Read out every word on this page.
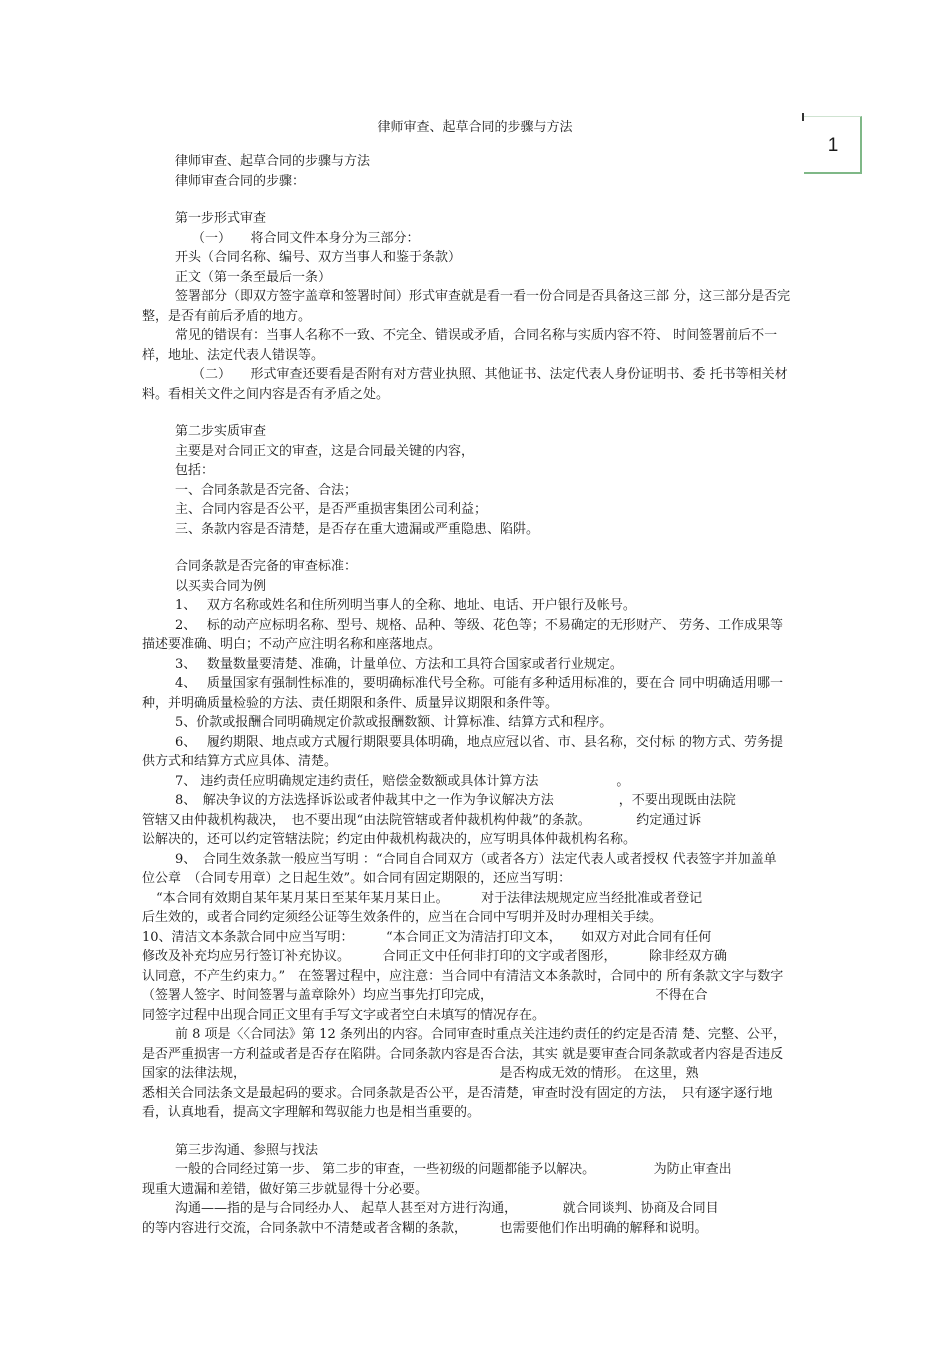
律师审查、起草合同的步骤与方法
1
律师审查、起草合同的步骤与方法
律师审查合同的步骤：
第一步形式审查
（一）　　将合同文件本身分为三部分：
开头（合同名称、编号、双方当事人和鉴于条款）
正文（第一条至最后一条）
签署部分（即双方签字盖章和签署时间）形式审查就是看一看一份合同是否具备这三部 分，这三部分是否完
整，是否有前后矛盾的地方。
常见的错误有：当事人名称不一致、不完全、错误或矛盾，合同名称与实质内容不符、 时间签署前后不一
样，地址、法定代表人错误等。
（二）　　形式审查还要看是否附有对方营业执照、其他证书、法定代表人身份证明书、委 托书等相关材
料。看相关文件之间内容是否有矛盾之处。
第二步实质审查
主要是对合同正文的审查，这是合同最关键的内容，
包括：
一、合同条款是否完备、合法；
主、合同内容是否公平，是否严重损害集团公司利益；
三、条款内容是否清楚，是否存在重大遗漏或严重隐患、陷阱。
合同条款是否完备的审查标准：
以买卖合同为例
1、　 双方名称或姓名和住所列明当事人的全称、地址、电话、开户银行及帐号。
2、　 标的动产应标明名称、型号、规格、品种、等级、花色等；不易确定的无形财产、 劳务、工作成果等
描述要准确、明白；不动产应注明名称和座落地点。
3、　 数量数量要清楚、准确，计量单位、方法和工具符合国家或者行业规定。
4、　 质量国家有强制性标准的，要明确标准代号全称。可能有多种适用标准的，要在合 同中明确适用哪一
种，并明确质量检验的方法、责任期限和条件、质量异议期限和条件等。
5、价款或报酬合同明确规定价款或报酬数额、计算标准、结算方式和程序。
6、　 履约期限、地点或方式履行期限要具体明确，地点应冠以省、市、县名称，交付标 的物方式、劳务提
供方式和结算方式应具体、清楚。
7、 违约责任应明确规定违约责任，赔偿金数额或具体计算方法　　　　　　。
8、　解决争议的方法选择诉讼或者仲裁其中之一作为争议解决方法　　　　　，不要出现既由法院
管辖又由仲裁机构裁决，　也不要出现“由法院管辖或者仲裁机构仲裁”的条款。　　　　约定通过诉
讼解决的，还可以约定管辖法院；约定由仲裁机构裁决的，应写明具体仲裁机构名称。
9、　合同生效条款一般应当写明 ：“合同自合同双方（或者各方）法定代表人或者授权 代表签字并加盖单
位公章　（合同专用章）之日起生效”。如合同有固定期限的，还应当写明：
“本合同有效期自某年某月某日至某年某月某日止。　　　对于法律法规规定应当经批准或者登记
后生效的，或者合同约定须经公证等生效条件的，应当在合同中写明并及时办理相关手续。
10、清洁文本条款合同中应当写明：　　　“本合同正文为清洁打印文本，　　如双方对此合同有任何
修改及补充均应另行签订补充协议。　　　合同正文中任何非打印的文字或者图形，　　　除非经双方确
认同意，不产生约束力。”　在签署过程中，应注意：当合同中有清洁文本条款时，合同中的 所有条款文字与数字
（签署人签字、时间签署与盖章除外）均应当事先打印完成，　　　　　　　　　　　　　不得在合
同签字过程中出现合同正文里有手写文字或者空白未填写的情况存在。
前 8 项是〈〈合同法》第 12 条列出的内容。合同审查时重点关注违约责任的约定是否清 楚、完整、公平，
是否严重损害一方利益或者是否存在陷阱。合同条款内容是否合法，其实 就是要审查合同条款或者内容是否违反
国家的法律法规，　　　　　　　　　　　　　　　　　　　　是否构成无效的情形。 在这里，熟
悉相关合同法条文是最起码的要求。合同条款是否公平，是否清楚，审查时没有固定的方法，　只有逐字逐行地
看，认真地看，提高文字理解和驾驭能力也是相当重要的。
第三步沟通、参照与找法
一般的合同经过第一步、 第二步的审查，一些初级的问题都能予以解决。　　　　　为防止审查出
现重大遗漏和差错，做好第三步就显得十分必要。
沟通——指的是与合同经办人、 起草人甚至对方进行沟通，　　　　就合同谈判、协商及合同目
的等内容进行交流，合同条款中不清楚或者含糊的条款，　　　也需要他们作出明确的解释和说明。
